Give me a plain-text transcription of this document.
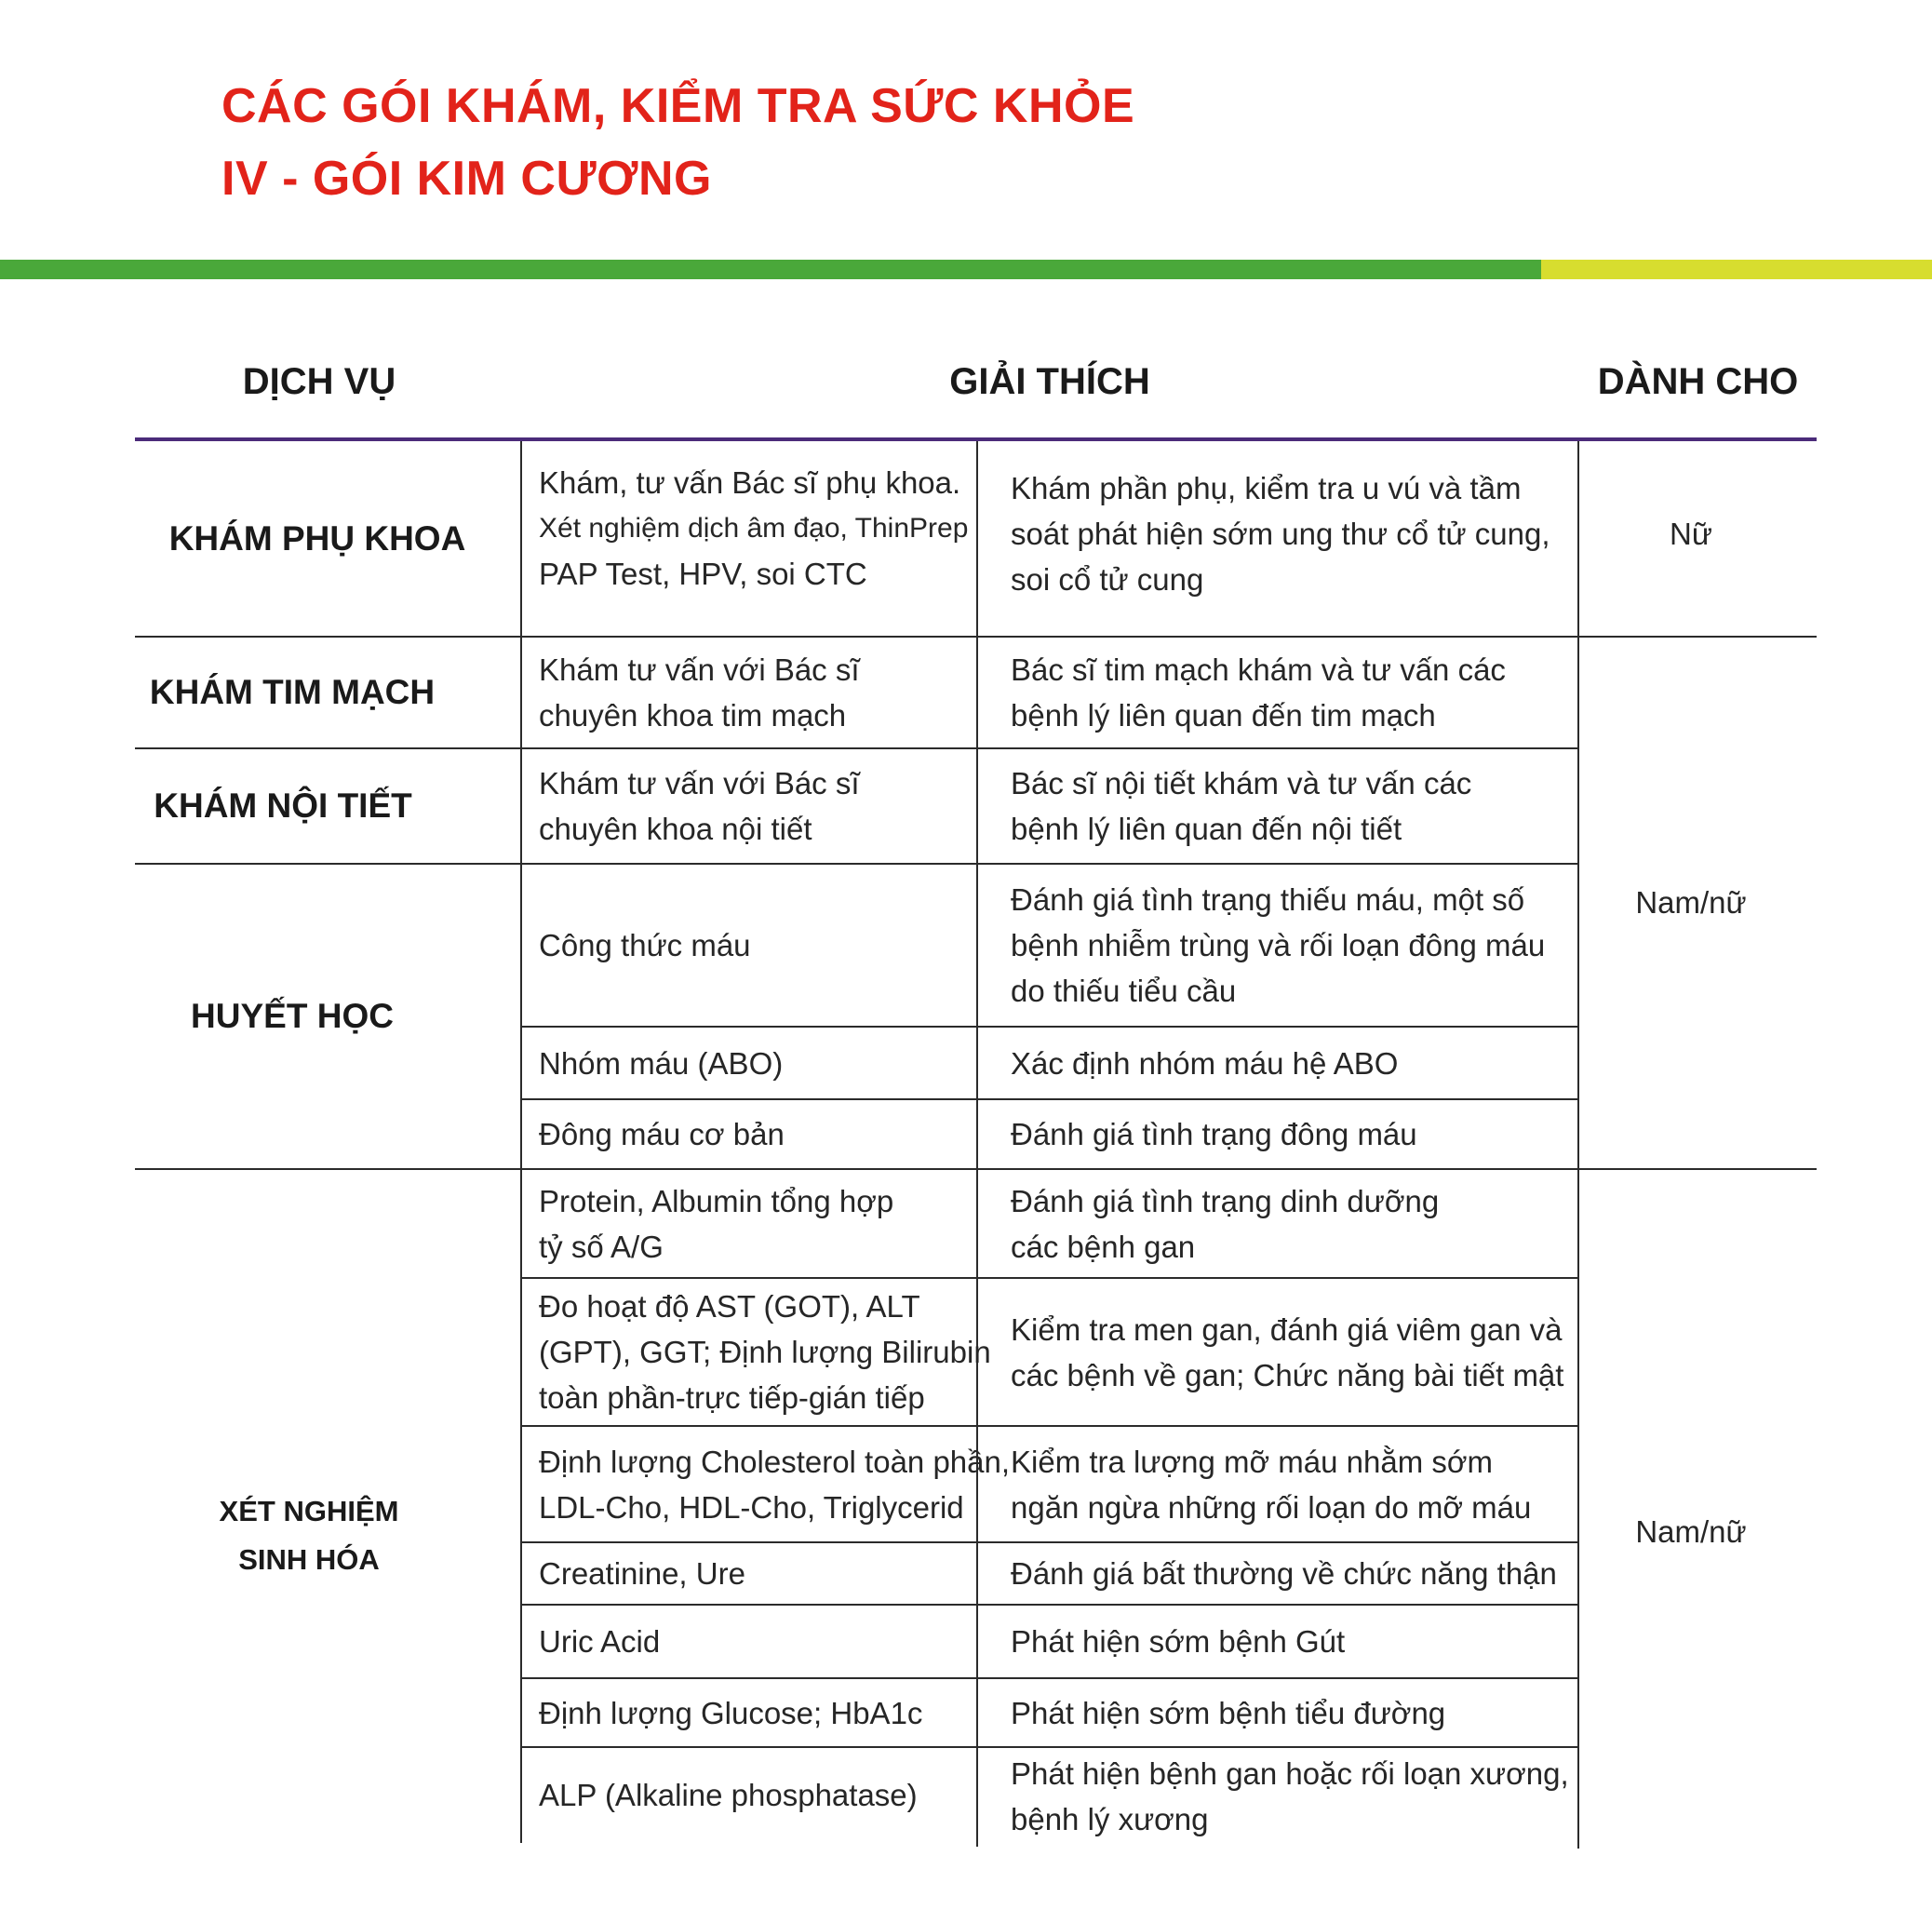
CÁC GÓI KHÁM, KIỂM TRA SỨC KHỎE
IV - GÓI KIM CƯƠNG
DỊCH VỤ	GIẢI THÍCH	DÀNH CHO
KHÁM PHỤ KHOA
KHÁM TIM MẠCH
KHÁM NỘI TIẾT
HUYẾT HỌC
XÉT NGHIỆM
SINH HÓA
Khám, tư vấn Bác sĩ phụ khoa.
Xét nghiệm dịch âm đạo, ThinPrep
PAP Test, HPV, soi CTC
Khám tư vấn với Bác sĩ
chuyên khoa tim mạch
Khám tư vấn với Bác sĩ
chuyên khoa nội tiết
Công thức máu
Nhóm máu (ABO)
Đông máu cơ bản
Protein, Albumin tổng hợp
tỷ số A/G
Đo hoạt độ AST (GOT), ALT
(GPT), GGT; Định lượng Bilirubin
toàn phần-trực tiếp-gián tiếp
Định lượng Cholesterol toàn phần,
LDL-Cho, HDL-Cho, Triglycerid
Creatinine, Ure
Uric Acid
Định lượng Glucose; HbA1c
ALP (Alkaline phosphatase)
Khám phần phụ, kiểm tra u vú và tầm
soát phát hiện sớm ung thư cổ tử cung,
soi cổ tử cung
Bác sĩ tim mạch khám và tư vấn các
bệnh lý liên quan đến tim mạch
Bác sĩ nội tiết khám và tư vấn các
bệnh lý liên quan đến nội tiết
Đánh giá tình trạng thiếu máu, một số
bệnh nhiễm trùng và rối loạn đông máu
do thiếu tiểu cầu
Xác định nhóm máu hệ ABO
Đánh giá tình trạng đông máu
Đánh giá tình trạng dinh dưỡng
các bệnh gan
Kiểm tra men gan, đánh giá viêm gan và
các bệnh về gan; Chức năng bài tiết mật
Kiểm tra lượng mỡ máu nhằm sớm
ngăn ngừa những rối loạn do mỡ máu
Đánh giá bất thường về chức năng thận
Phát hiện sớm bệnh Gút
Phát hiện sớm bệnh tiểu đường
Phát hiện bệnh gan hoặc rối loạn xương,
bệnh lý xương
Nữ
Nam/nữ
Nam/nữ
